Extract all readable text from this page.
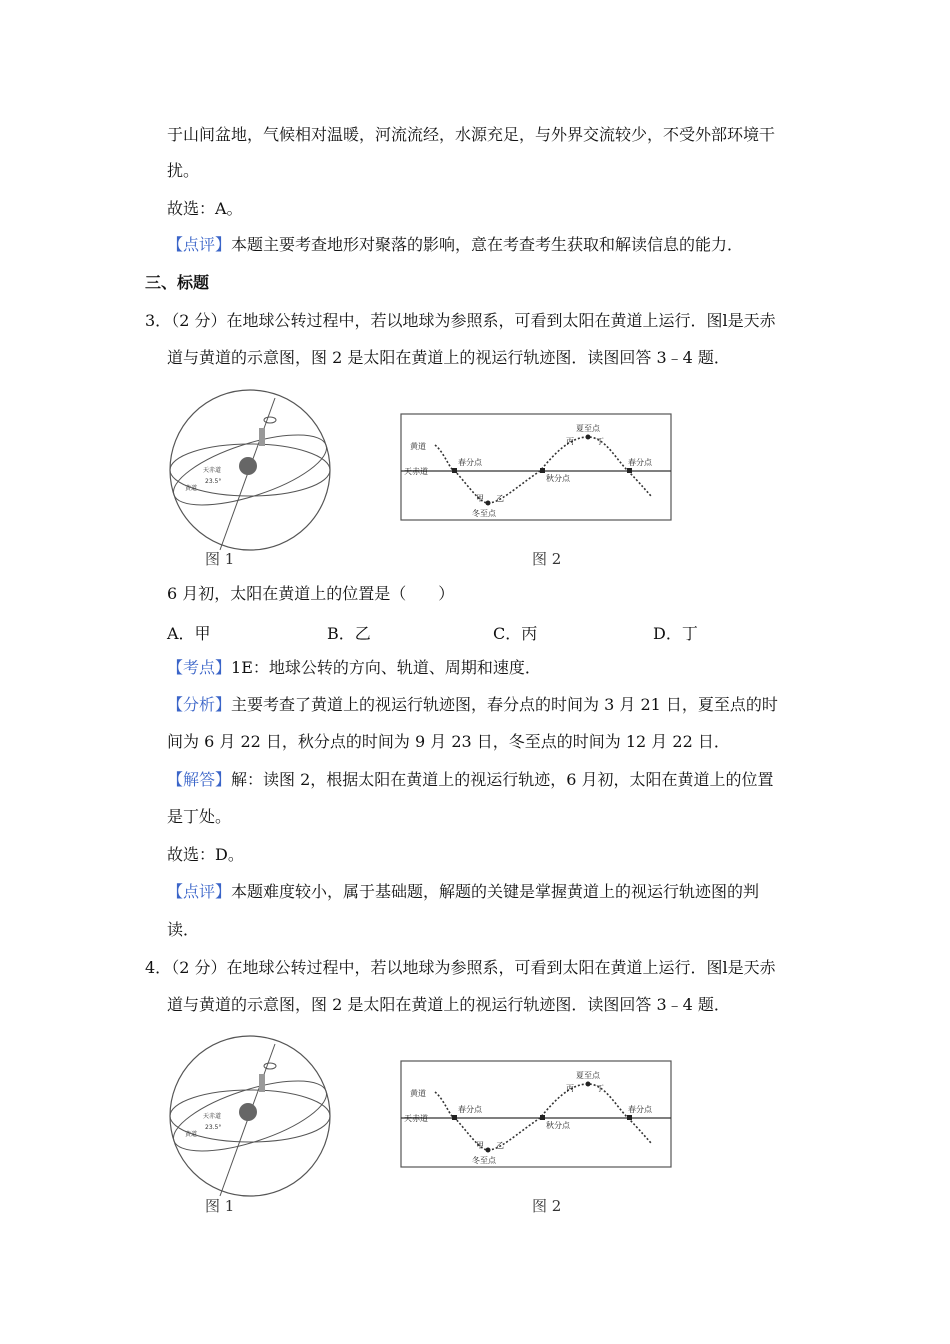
于山间盆地，气候相对温暖，河流流经，水源充足，与外界交流较少，不受外部环境干
扰。
故选：A。
【点评】本题主要考查地形对聚落的影响，意在考查考生获取和解读信息的能力．
三、标题
3．（2 分）在地球公转过程中，若以地球为参照系，可看到太阳在黄道上运行．图l是天赤
道与黄道的示意图，图 2 是太阳在黄道上的视运行轨迹图．读图回答 3﹣4 题．
天赤道
23.5°
黄道
图 1
黄道
天赤道
春分点
夏至点
秋分点
冬至点
春分点
甲 乙
丙	丁
图 2
6 月初，太阳在黄道上的位置是（　　）
A．甲	B．乙	C．丙	D．丁
【考点】1E：地球公转的方向、轨道、周期和速度．
【分析】主要考查了黄道上的视运行轨迹图，春分点的时间为 3 月 21 日，夏至点的时
间为 6 月 22 日，秋分点的时间为 9 月 23 日，冬至点的时间为 12 月 22 日．
【解答】解：读图 2，根据太阳在黄道上的视运行轨迹，6 月初，太阳在黄道上的位置
是丁处。
故选：D。
【点评】本题难度较小，属于基础题，解题的关键是掌握黄道上的视运行轨迹图的判
读．
4．（2 分）在地球公转过程中，若以地球为参照系，可看到太阳在黄道上运行．图l是天赤
道与黄道的示意图，图 2 是太阳在黄道上的视运行轨迹图．读图回答 3﹣4 题．
天赤道
23.5°
黄道
图 1
黄道
天赤道
春分点
夏至点
秋分点
冬至点
春分点
甲 乙
丙	丁
图 2
